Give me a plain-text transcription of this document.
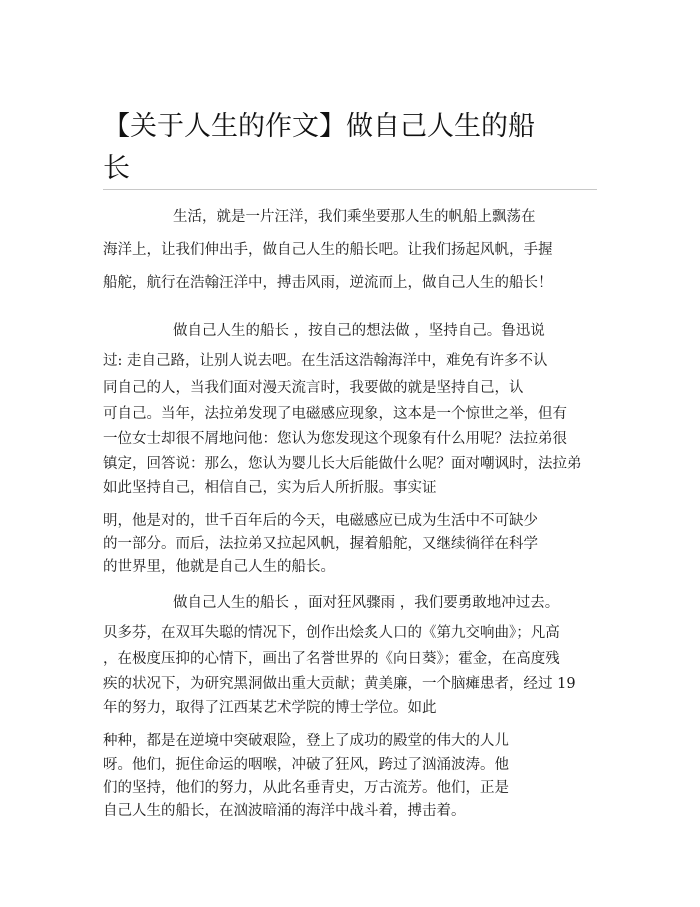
【关于人生的作文】做自己人生的船
长
生活，就是一片汪洋，我们乘坐要那人生的帆船上飘荡在
海洋上，让我们伸出手，做自己人生的船长吧。让我们扬起风帆，手握
船舵，航行在浩翰汪洋中，搏击风雨，逆流而上，做自己人生的船长！
做自己人生的船长 ，按自己的想法做 ，坚持自己。鲁迅说
过: 走自己路，让别人说去吧。在生活这浩翰海洋中，难免有许多不认
同自己的人，当我们面对漫天流言时，我要做的就是坚持自己，认
可自己。当年，法拉弟发现了电磁感应现象，这本是一个惊世之举，但有
一位女士却很不屑地问他：您认为您发现这个现象有什么用呢？法拉弟很
镇定，回答说：那么，您认为婴儿长大后能做什么呢？面对嘲讽时，法拉弟
如此坚持自己，相信自己，实为后人所折服。事实证
明，他是对的，世千百年后的今天，电磁感应已成为生活中不可缺少
的一部分。而后，法拉弟又拉起风帆，握着船舵，又继续徜徉在科学
的世界里，他就是自己人生的船长。
做自己人生的船长 ，面对狂风骤雨 ，我们要勇敢地冲过去。
贝多芬，在双耳失聪的情况下，创作出烩炙人口的《第九交响曲》；凡高
，在极度压抑的心情下，画出了名誉世界的《向日葵》；霍金，在高度残
疾的状况下，为研究黑洞做出重大贡献；黄美廉，一个脑瘫患者，经过 19
年的努力，取得了江西某艺术学院的博士学位。如此
种种，都是在逆境中突破艰险，登上了成功的殿堂的伟大的人儿
呀。他们，扼住命运的咽喉，冲破了狂风，跨过了汹涌波涛。他
们的坚持，他们的努力，从此名垂青史，万古流芳。他们，正是
自己人生的船长，在汹波暗涌的海洋中战斗着，搏击着。
